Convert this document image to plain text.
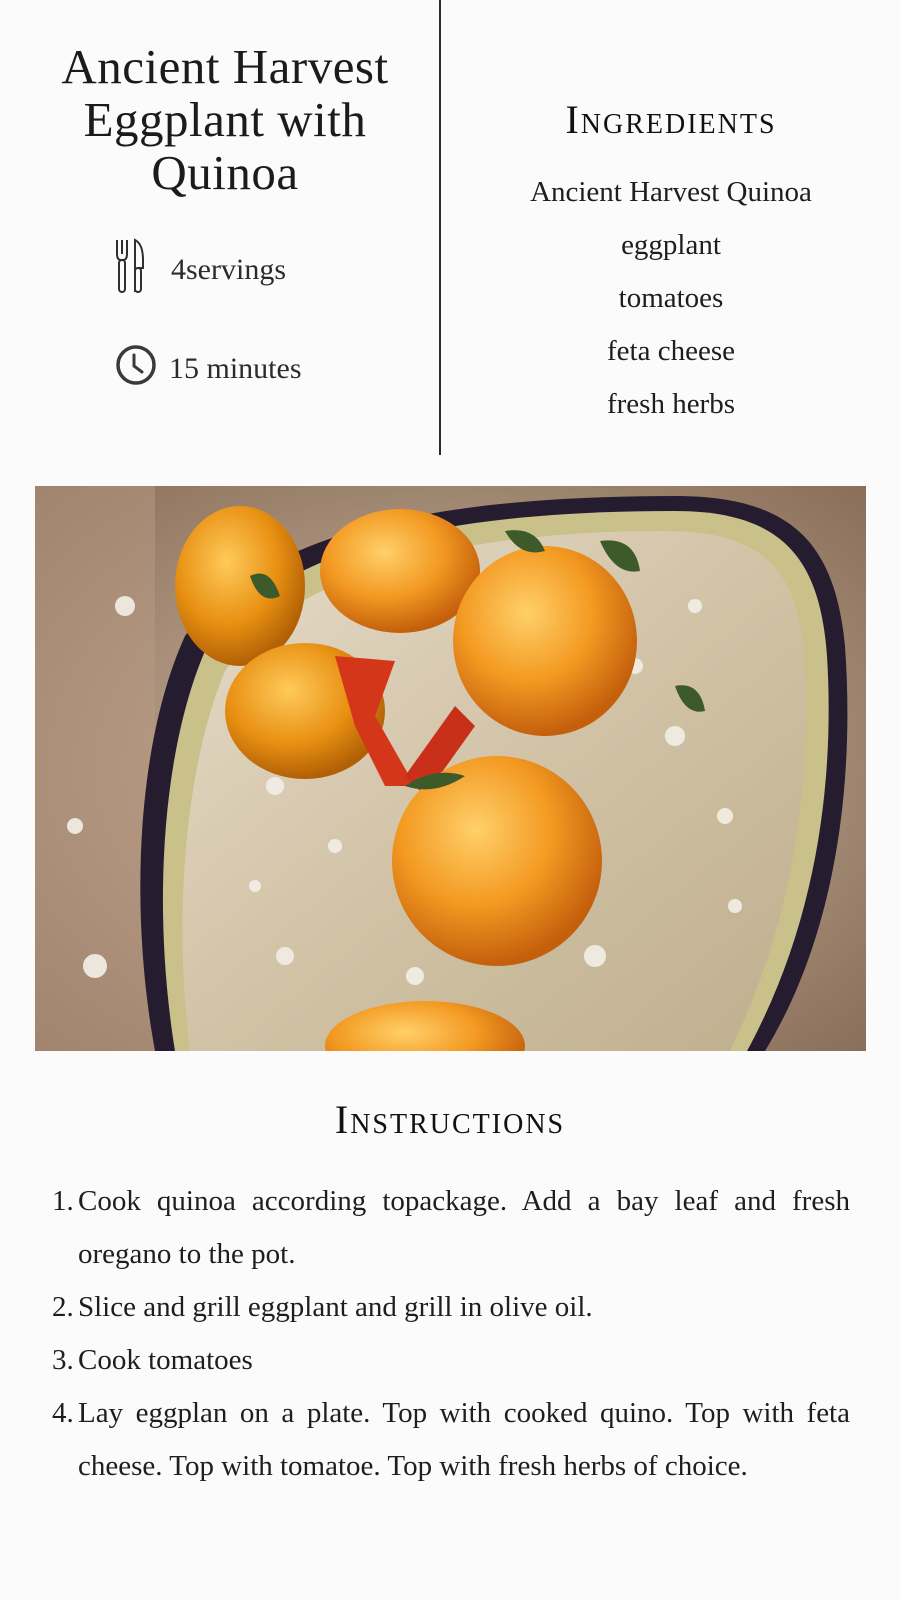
Ancient Harvest Eggplant with Quinoa
4servings
15 minutes
Ingredients
Ancient Harvest Quinoa
eggplant
tomatoes
feta cheese
fresh herbs
Instructions
1. Cook quinoa according topackage. Add a bay leaf and fresh oregano to the pot.
2. Slice and grill eggplant and grill in olive oil.
3. Cook tomatoes
4. Lay eggplan on a plate. Top with cooked quino. Top with feta cheese. Top with tomatoe. Top with fresh herbs of choice.
